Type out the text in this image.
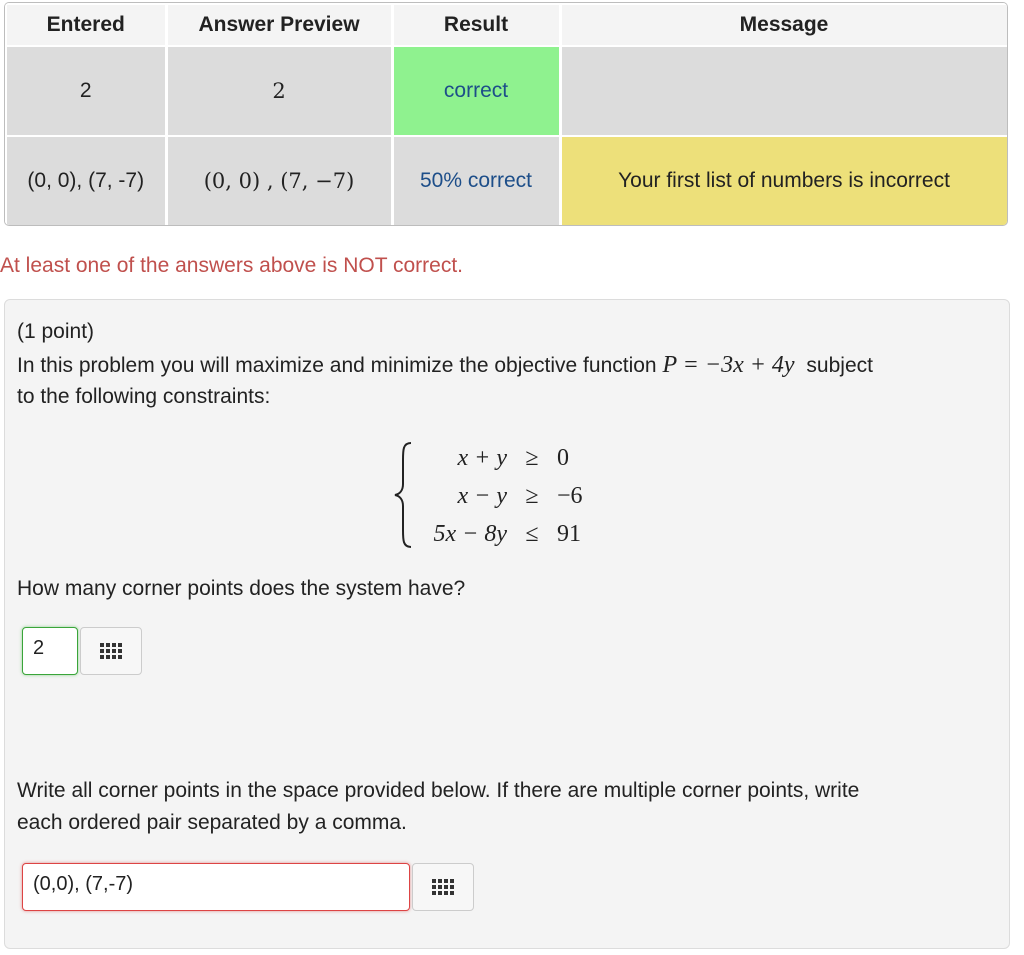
Entered	Answer Preview	Result	Message
2	2	correct	
(0, 0), (7, -7)	(0, 0) , (7, −7)	50% correct	Your first list of numbers is incorrect
At least one of the answers above is NOT correct.
(1 point)
In this problem you will maximize and minimize the objective function P = −3x + 4y subject
to the following constraints:
x + y ≥ 0
x − y ≥ −6
5x − 8y ≤ 91
How many corner points does the system have?
2
Write all corner points in the space provided below. If there are multiple corner points, write
each ordered pair separated by a comma.
(0,0), (7,-7)
